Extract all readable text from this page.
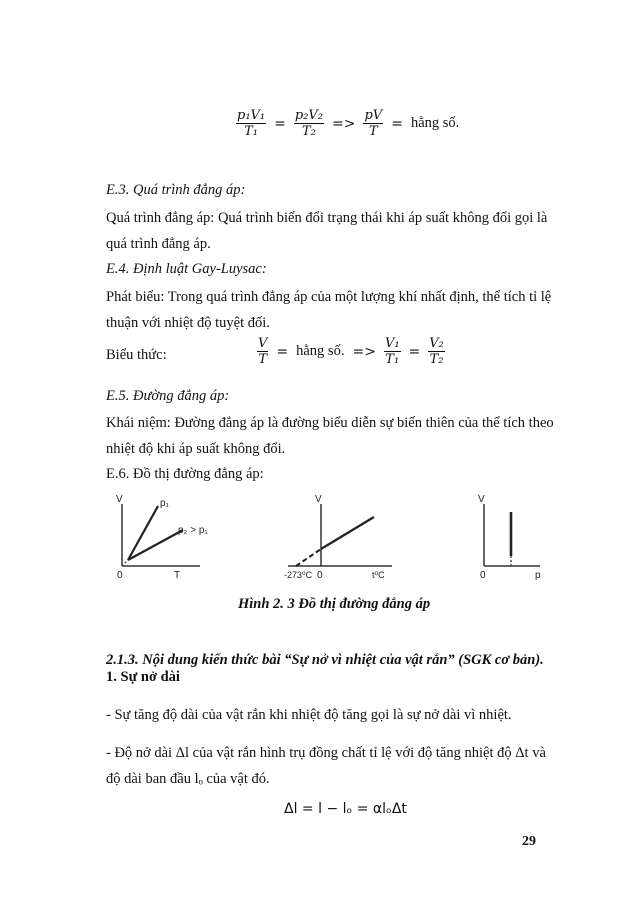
$\frac{\text{p₁V₁}}{\text{T₁}} = \frac{\text{p₂V₂}}{\text{T₂}} => \frac{pV}{T}$ = hằng số.
E.3. Quá trình đẳng áp:
Quá trình đẳng áp: Quá trình biến đổi trạng thái khi áp suất không đổi gọi là
quá trình đẳng áp.
E.4. Định luật Gay-Luysac:
Phát biểu: Trong quá trình đẳng áp của một lượng khí nhất định, thể tích tỉ lệ
thuận với nhiệt độ tuyệt đối.
Biểu thức:	$\frac{V}{T}$ = hằng số. => $\frac{\text{V₁}}{\text{T₁}} = \frac{\text{V₂}}{\text{T₂}}$
E.5. Đường đẳng áp:
Khái niệm: Đường đẳng áp là đường biểu diễn sự biến thiên của thể tích theo
nhiệt độ khi áp suất không đổi.
E.6. Đồ thị đường đẳng áp:
V
T
0
p₁
p₂ > p₁
V
t⁰C
0
-273⁰C
V
p
0
Hình 2. 3 Đồ thị đường đẳng áp
2.1.3. Nội dung kiến thức bài “Sự nở vì nhiệt của vật rắn” (SGK cơ bản).
1. Sự nở dài
- Sự tăng độ dài của vật rắn khi nhiệt độ tăng gọi là sự nở dài vì nhiệt.
- Độ nở dài Δl của vật rắn hình trụ đồng chất tỉ lệ với độ tăng nhiệt độ Δt và
độ dài ban đầu lₒ của vật đó.
Δl = l − lₒ = αlₒΔt
29
